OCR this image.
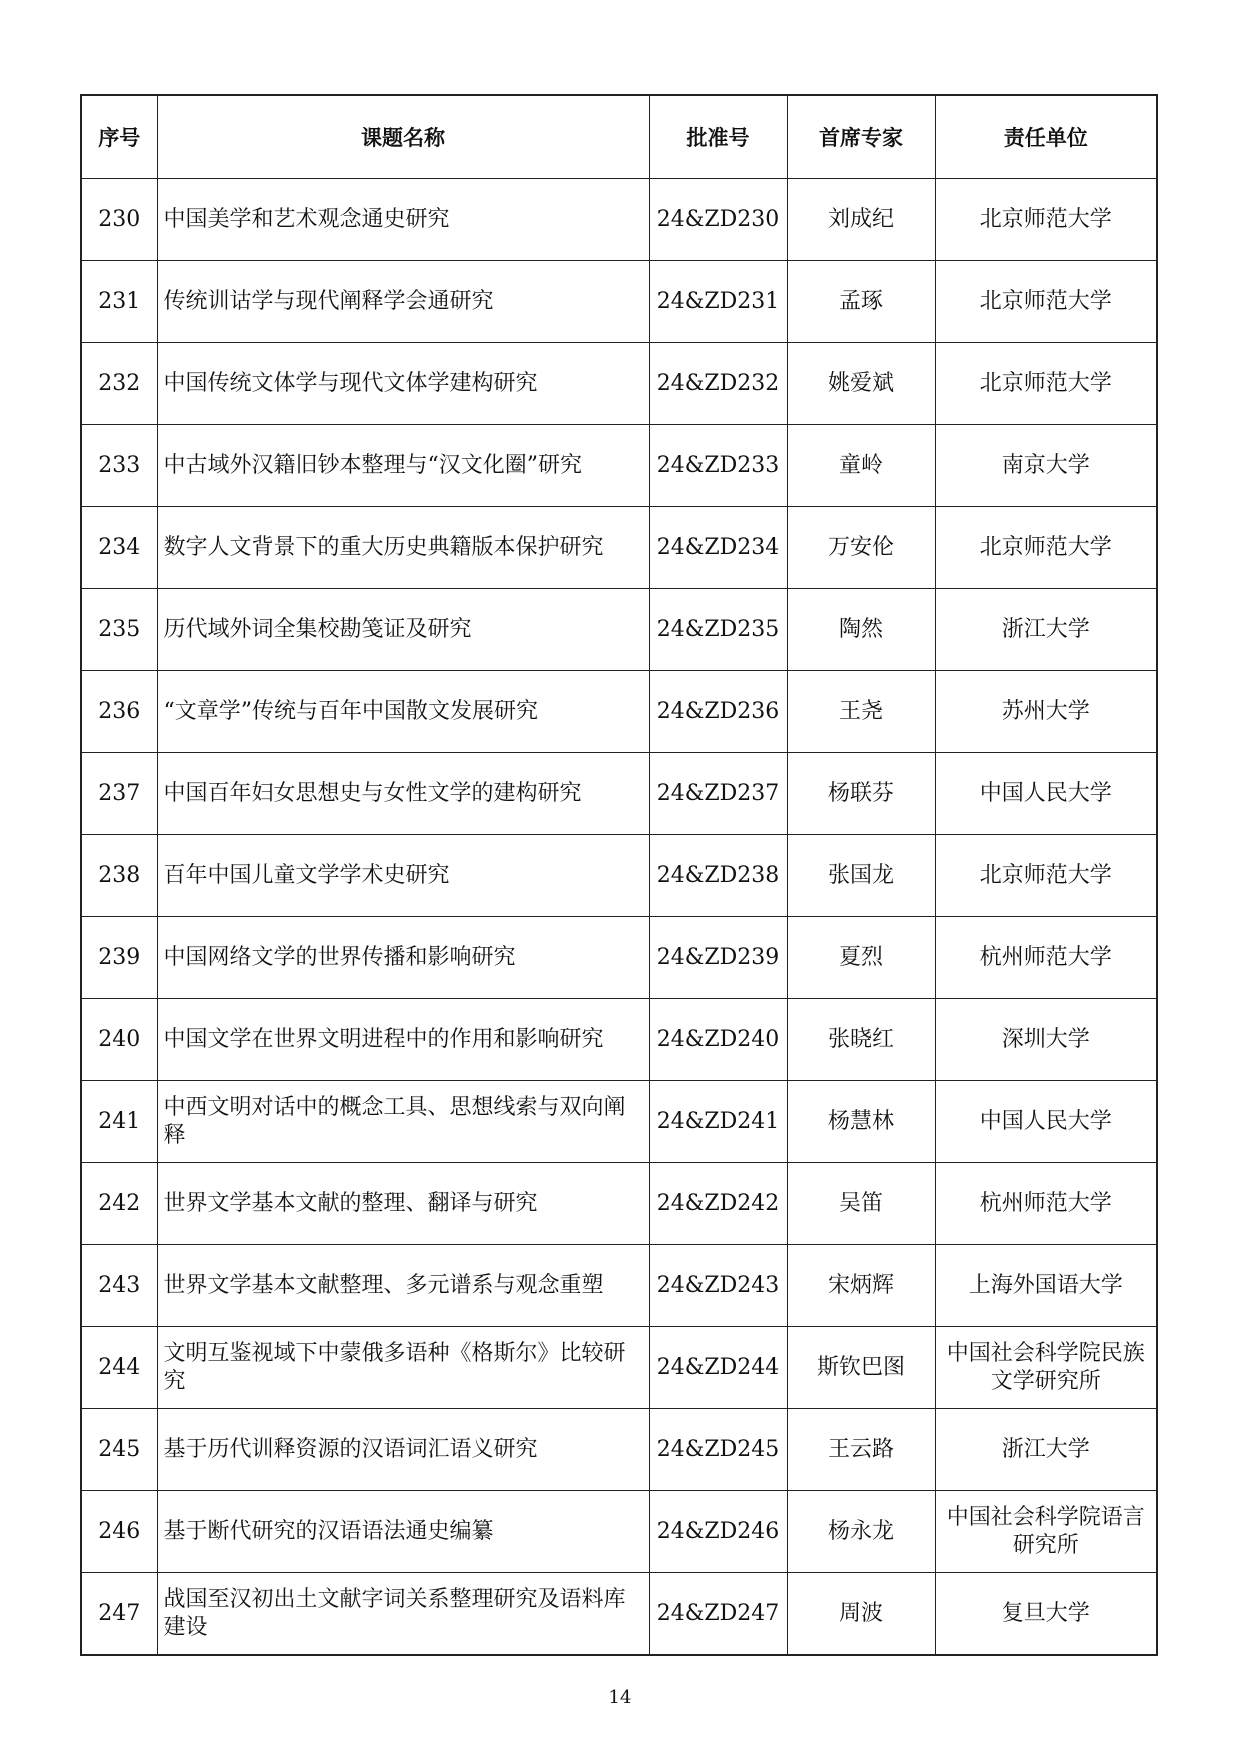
序号	课题名称	批准号	首席专家	责任单位
230	中国美学和艺术观念通史研究	24&ZD230	刘成纪	北京师范大学
231	传统训诂学与现代阐释学会通研究	24&ZD231	孟琢	北京师范大学
232	中国传统文体学与现代文体学建构研究	24&ZD232	姚爱斌	北京师范大学
233	中古域外汉籍旧钞本整理与“汉文化圈”研究	24&ZD233	童岭	南京大学
234	数字人文背景下的重大历史典籍版本保护研究	24&ZD234	万安伦	北京师范大学
235	历代域外词全集校勘笺证及研究	24&ZD235	陶然	浙江大学
236	“文章学”传统与百年中国散文发展研究	24&ZD236	王尧	苏州大学
237	中国百年妇女思想史与女性文学的建构研究	24&ZD237	杨联芬	中国人民大学
238	百年中国儿童文学学术史研究	24&ZD238	张国龙	北京师范大学
239	中国网络文学的世界传播和影响研究	24&ZD239	夏烈	杭州师范大学
240	中国文学在世界文明进程中的作用和影响研究	24&ZD240	张晓红	深圳大学
241	中西文明对话中的概念工具、思想线索与双向阐释	24&ZD241	杨慧林	中国人民大学
242	世界文学基本文献的整理、翻译与研究	24&ZD242	吴笛	杭州师范大学
243	世界文学基本文献整理、多元谱系与观念重塑	24&ZD243	宋炳辉	上海外国语大学
244	文明互鉴视域下中蒙俄多语种《格斯尔》比较研究	24&ZD244	斯钦巴图	中国社会科学院民族文学研究所
245	基于历代训释资源的汉语词汇语义研究	24&ZD245	王云路	浙江大学
246	基于断代研究的汉语语法通史编纂	24&ZD246	杨永龙	中国社会科学院语言研究所
247	战国至汉初出土文献字词关系整理研究及语料库建设	24&ZD247	周波	复旦大学
14
